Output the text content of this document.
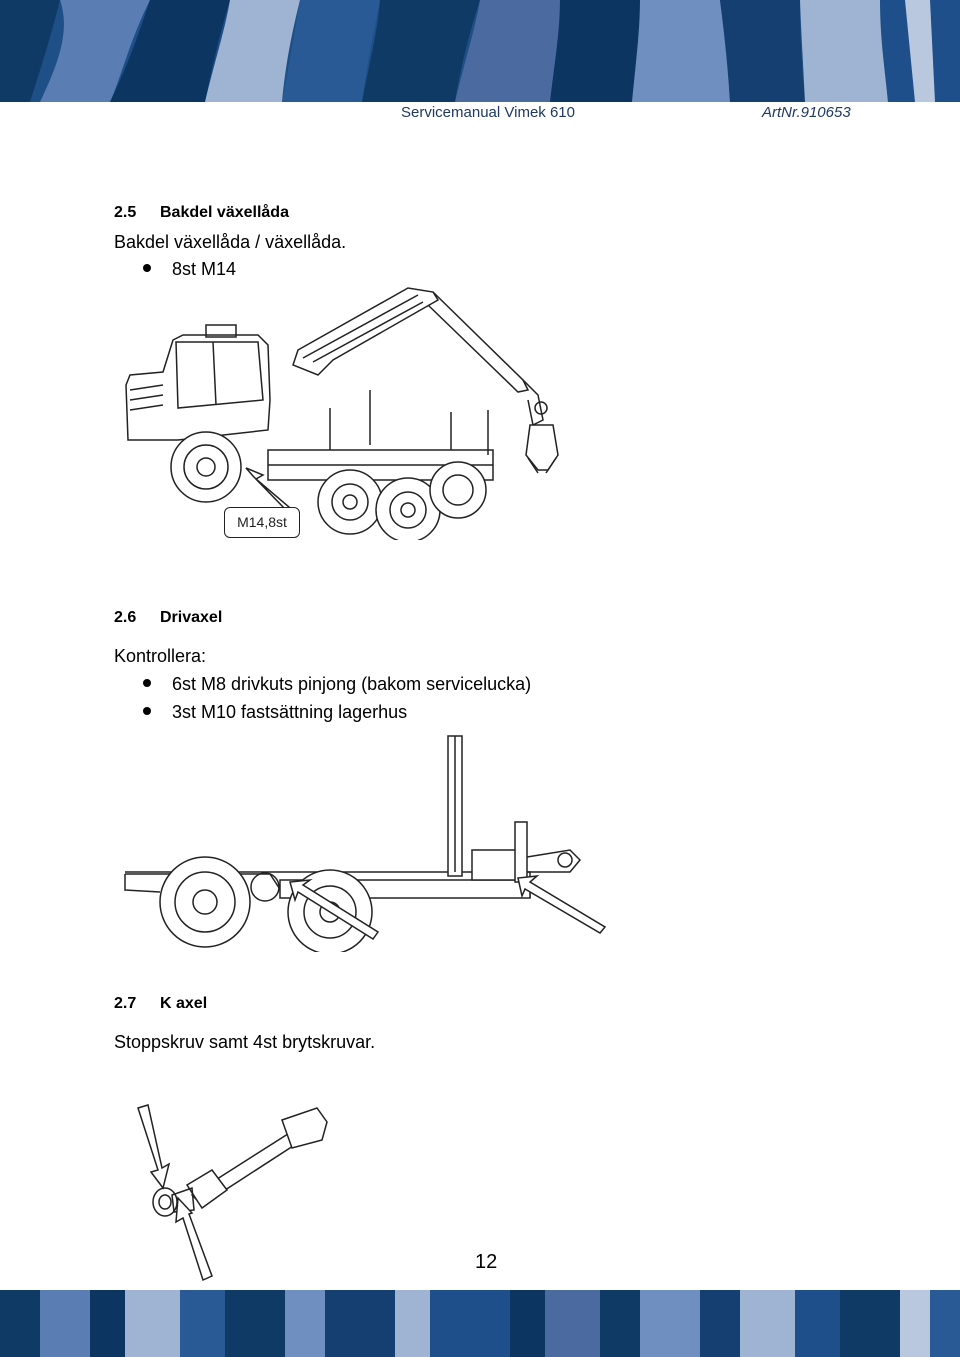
Servicemanual Vimek 610	ArtNr.910653
2.5 Bakdel växellåda
Bakdel växellåda / växellåda.
8st M14
M14,8st
2.6 Drivaxel
Kontrollera:
6st M8 drivkuts pinjong (bakom servicelucka)
3st M10 fastsättning lagerhus
2.7 K axel
Stoppskruv samt 4st brytskruvar.
12
